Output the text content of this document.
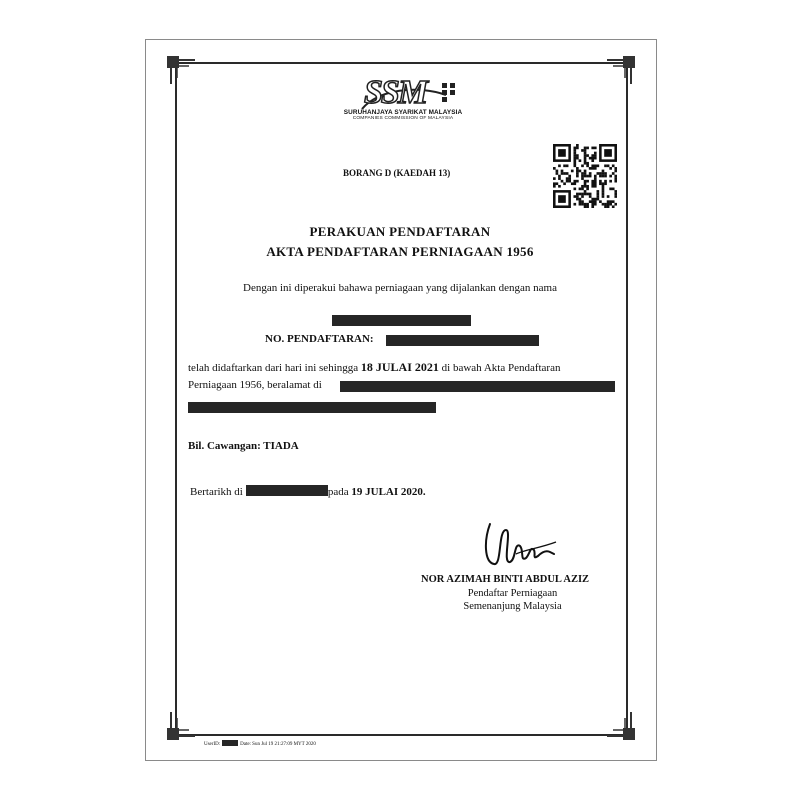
SSM
SURUHANJAYA SYARIKAT MALAYSIA
COMPANIES COMMISSION OF MALAYSIA
BORANG D (KAEDAH 13)
PERAKUAN PENDAFTARAN
AKTA PENDAFTARAN PERNIAGAAN 1956
Dengan ini diperakui bahawa perniagaan yang dijalankan dengan nama
NO. PENDAFTARAN:
telah didaftarkan dari hari ini sehingga 18 JULAI 2021 di bawah Akta Pendaftaran
Perniagaan 1956, beralamat di
Bil. Cawangan: TIADA
Bertarikh di	pada 19 JULAI 2020.
NOR AZIMAH BINTI ABDUL AZIZ
Pendaftar Perniagaan
Semenanjung Malaysia
UserID:	Date: Sun Jul 19 21:27:09 MYT 2020
